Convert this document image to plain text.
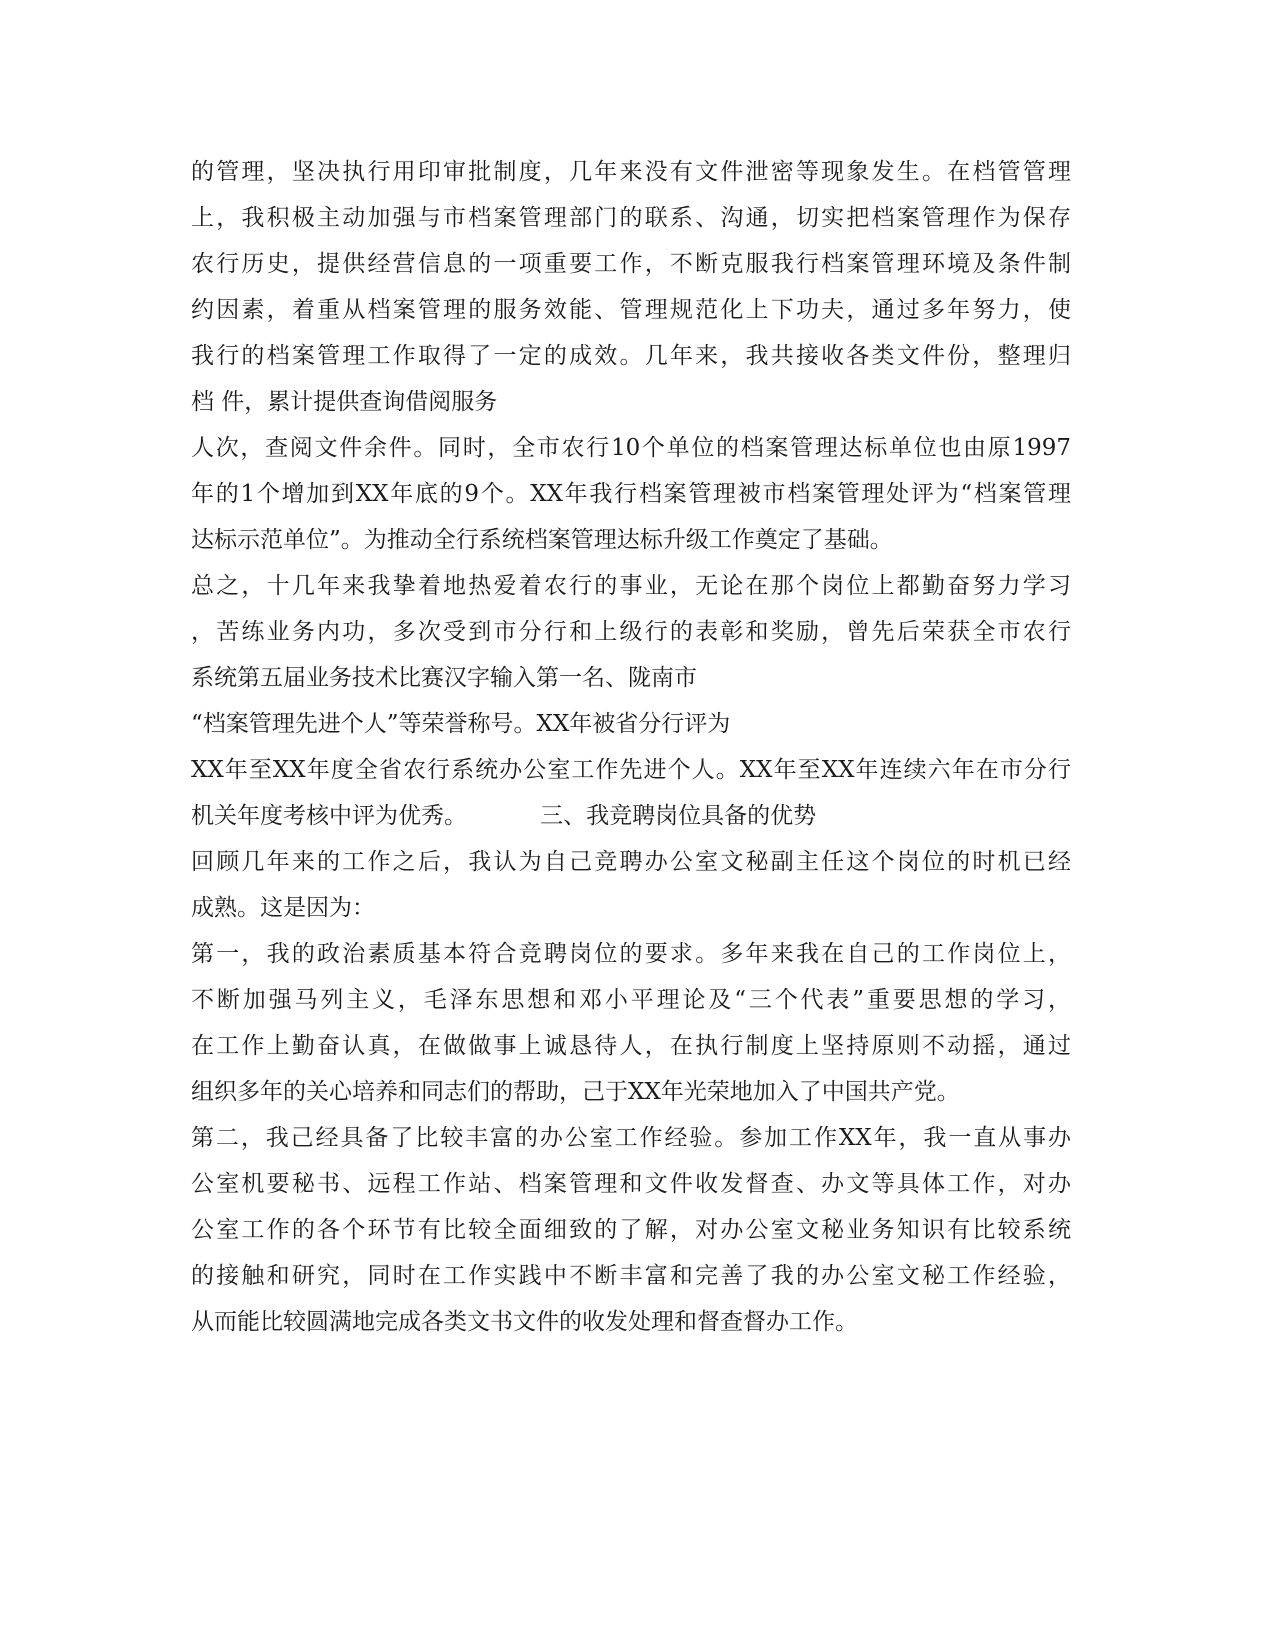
的管理，坚决执行用印审批制度，几年来没有文件泄密等现象发生。在档管管理
上，我积极主动加强与市档案管理部门的联系、沟通，切实把档案管理作为保存
农行历史，提供经营信息的一项重要工作，不断克服我行档案管理环境及条件制
约因素，着重从档案管理的服务效能、管理规范化上下功夫，通过多年努力，使
我行的档案管理工作取得了一定的成效。几年来，我共接收各类文件份，整理归
档 件，累计提供查询借阅服务
人次，查阅文件余件。同时，全市农行10个单位的档案管理达标单位也由原1997
年的1个增加到XX年底的9个。XX年我行档案管理被市档案管理处评为“档案管理
达标示范单位”。为推动全行系统档案管理达标升级工作奠定了基础。
总之，十几年来我挚着地热爱着农行的事业，无论在那个岗位上都勤奋努力学习
，苦练业务内功，多次受到市分行和上级行的表彰和奖励，曾先后荣获全市农行
系统第五届业务技术比赛汉字输入第一名、陇南市
“档案管理先进个人”等荣誉称号。XX年被省分行评为
XX年至XX年度全省农行系统办公室工作先进个人。XX年至XX年连续六年在市分行
机关年度考核中评为优秀。          三、我竞聘岗位具备的优势
回顾几年来的工作之后，我认为自己竞聘办公室文秘副主任这个岗位的时机已经
成熟。这是因为：
第一，我的政治素质基本符合竞聘岗位的要求。多年来我在自己的工作岗位上，
不断加强马列主义，毛泽东思想和邓小平理论及“三个代表”重要思想的学习，
在工作上勤奋认真，在做做事上诚恳待人，在执行制度上坚持原则不动摇，通过
组织多年的关心培养和同志们的帮助，己于XX年光荣地加入了中国共产党。
第二，我己经具备了比较丰富的办公室工作经验。参加工作XX年，我一直从事办
公室机要秘书、远程工作站、档案管理和文件收发督查、办文等具体工作，对办
公室工作的各个环节有比较全面细致的了解，对办公室文秘业务知识有比较系统
的接触和研究，同时在工作实践中不断丰富和完善了我的办公室文秘工作经验，
从而能比较圆满地完成各类文书文件的收发处理和督查督办工作。
